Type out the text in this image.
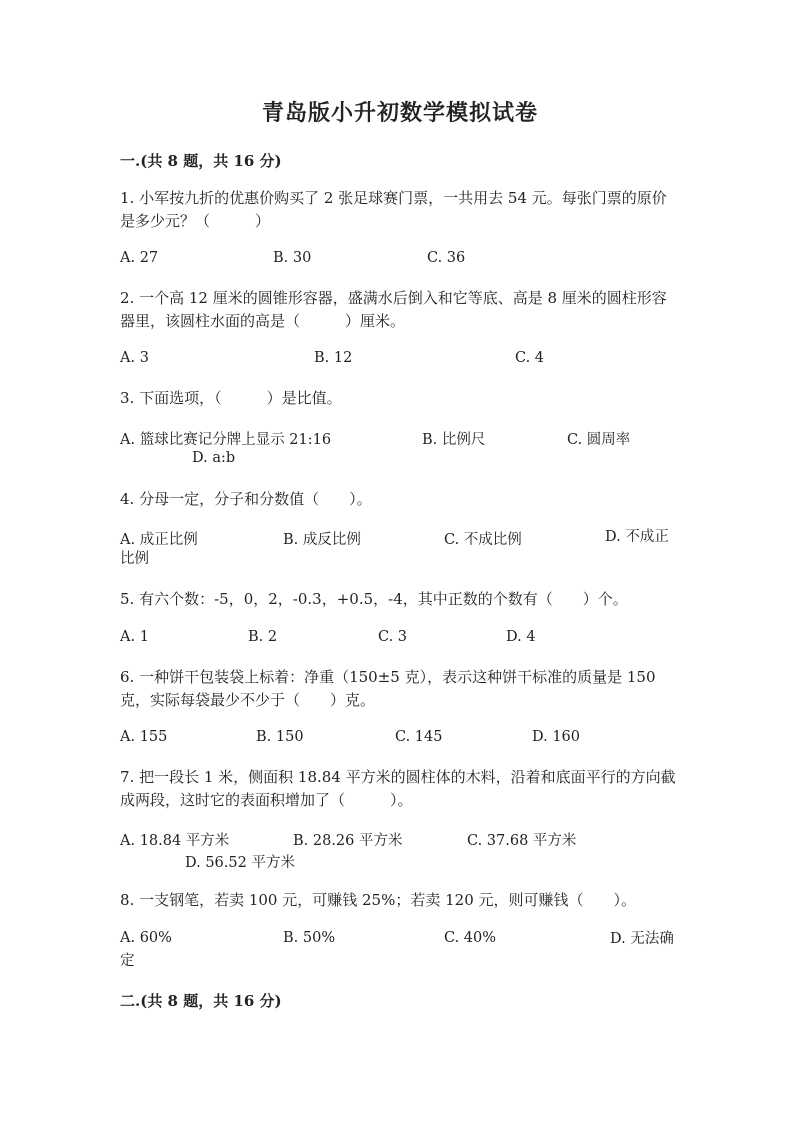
青岛版小升初数学模拟试卷
一.(共 8 题，共 16 分)
1. 小军按九折的优惠价购买了 2 张足球赛门票，一共用去 54 元。每张门票的原价是多少元？（　　　）
A. 27	B. 30	C. 36
2. 一个高 12 厘米的圆锥形容器，盛满水后倒入和它等底、高是 8 厘米的圆柱形容器里，该圆柱水面的高是（　　　）厘米。
A. 3	B. 12	C. 4
3. 下面选项，（　　　）是比值。
A. 篮球比赛记分牌上显示 21:16	B. 比例尺	C. 圆周率
D. a:b
4. 分母一定，分子和分数值（　　）。
A. 成正比例	B. 成反比例	C. 不成比例	D. 不成正比例
5. 有六个数：-5，0，2，-0.3，+0.5，-4，其中正数的个数有（　　）个。
A. 1	B. 2	C. 3	D. 4
6. 一种饼干包装袋上标着：净重（150±5 克），表示这种饼干标准的质量是 150 克，实际每袋最少不少于（　　）克。
A. 155	B. 150	C. 145	D. 160
7. 把一段长 1 米，侧面积 18.84 平方米的圆柱体的木料，沿着和底面平行的方向截成两段，这时它的表面积增加了（　　　）。
A. 18.84 平方米	B. 28.26 平方米	C. 37.68 平方米
D. 56.52 平方米
8. 一支钢笔，若卖 100 元，可赚钱 25%；若卖 120 元，则可赚钱（　　）。
A. 60%	B. 50%	C. 40%	D. 无法确定
二.(共 8 题，共 16 分)
